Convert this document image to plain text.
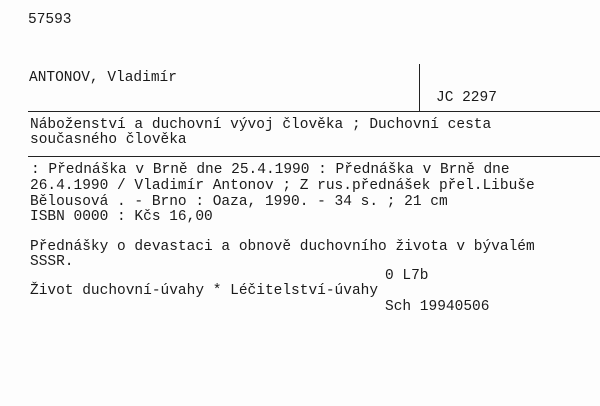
57593
ANTONOV, Vladimír
JC 2297
Náboženství a duchovní vývoj člověka ; Duchovní cesta
současného člověka
: Přednáška v Brně dne 25.4.1990 : Přednáška v Brně dne
26.4.1990 / Vladimír Antonov ; Z rus.přednášek přel.Libuše
Bělousová . - Brno : Oaza, 1990. - 34 s. ; 21 cm
ISBN 0000 : Kčs 16,00
Přednášky o devastaci a obnově duchovního života v bývalém
SSSR.
0 L7b
Život duchovní-úvahy * Léčitelství-úvahy
Sch 19940506
